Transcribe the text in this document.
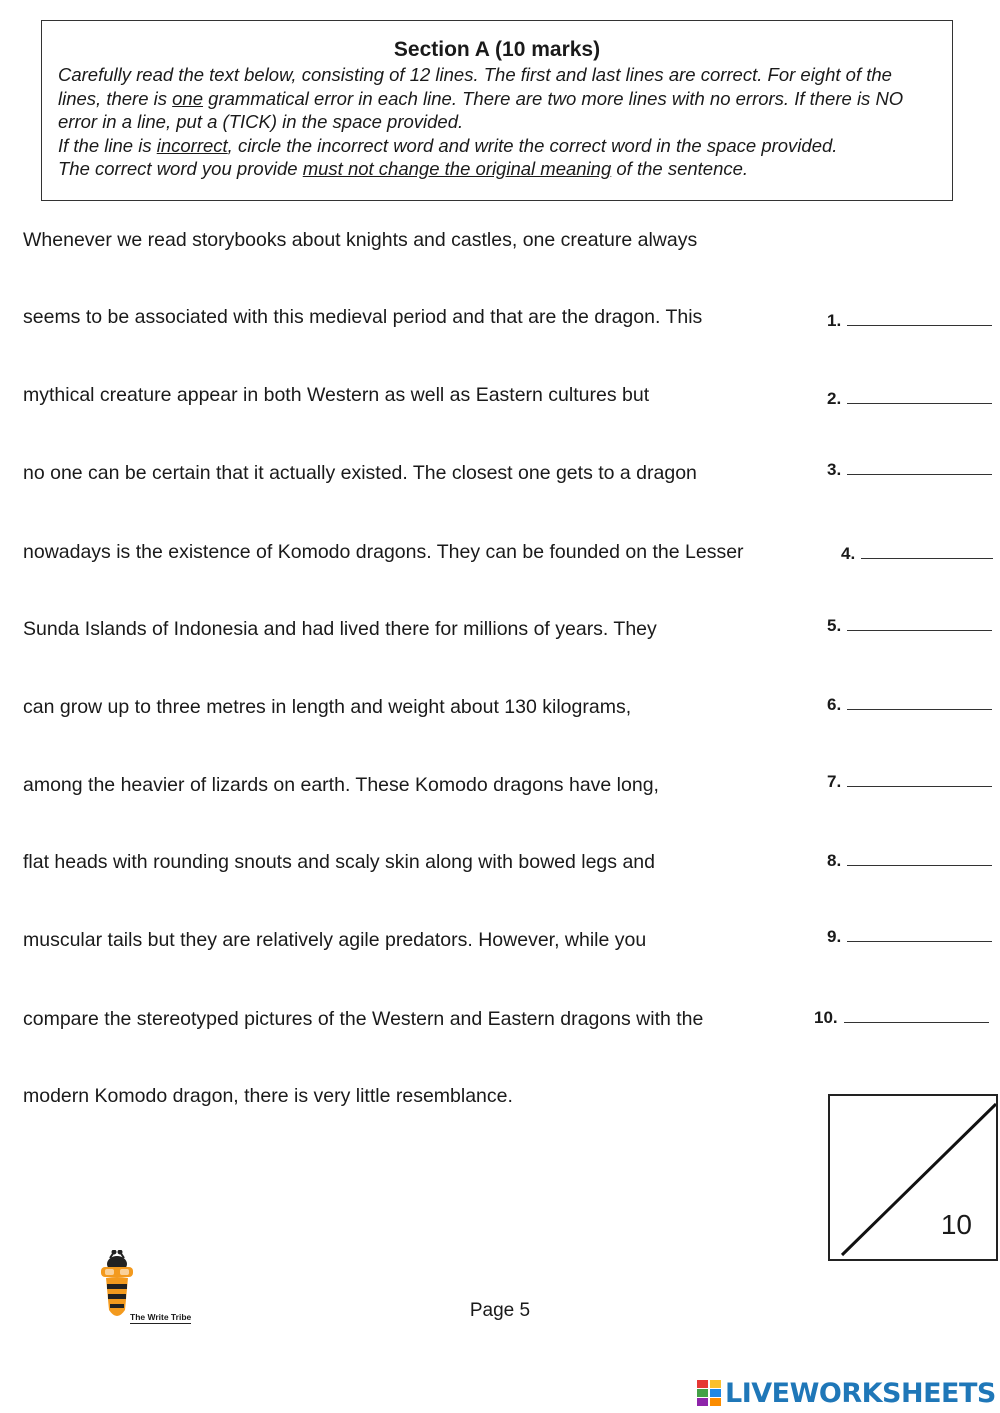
Section A (10 marks)

Carefully read the text below, consisting of 12 lines. The first and last lines are correct. For eight of the lines, there is one grammatical error in each line. There are two more lines with no errors. If there is NO error in a line, put a (TICK) in the space provided.
If the line is incorrect, circle the incorrect word and write the correct word in the space provided.
The correct word you provide must not change the original meaning of the sentence.

Whenever we read storybooks about knights and castles, one creature always
seems to be associated with this medieval period and that are the dragon. This
mythical creature appear in both Western as well as Eastern cultures but
no one can be certain that it actually existed. The closest one gets to a dragon
nowadays is the existence of Komodo dragons. They can be founded on the Lesser
Sunda Islands of Indonesia and had lived there for millions of years. They
can grow up to three metres in length and weight about 130 kilograms,
among the heavier of lizards on earth. These Komodo dragons have long,
flat heads with rounding snouts and scaly skin along with bowed legs and
muscular tails but they are relatively agile predators. However, while you
compare the stereotyped pictures of the Western and Eastern dragons with the
modern Komodo dragon, there is very little resemblance.
1.
2.
3.
4.
5.
6.
7.
8.
9.
10.
10
The Write Tribe	Page 5
LIVEWORKSHEETS
